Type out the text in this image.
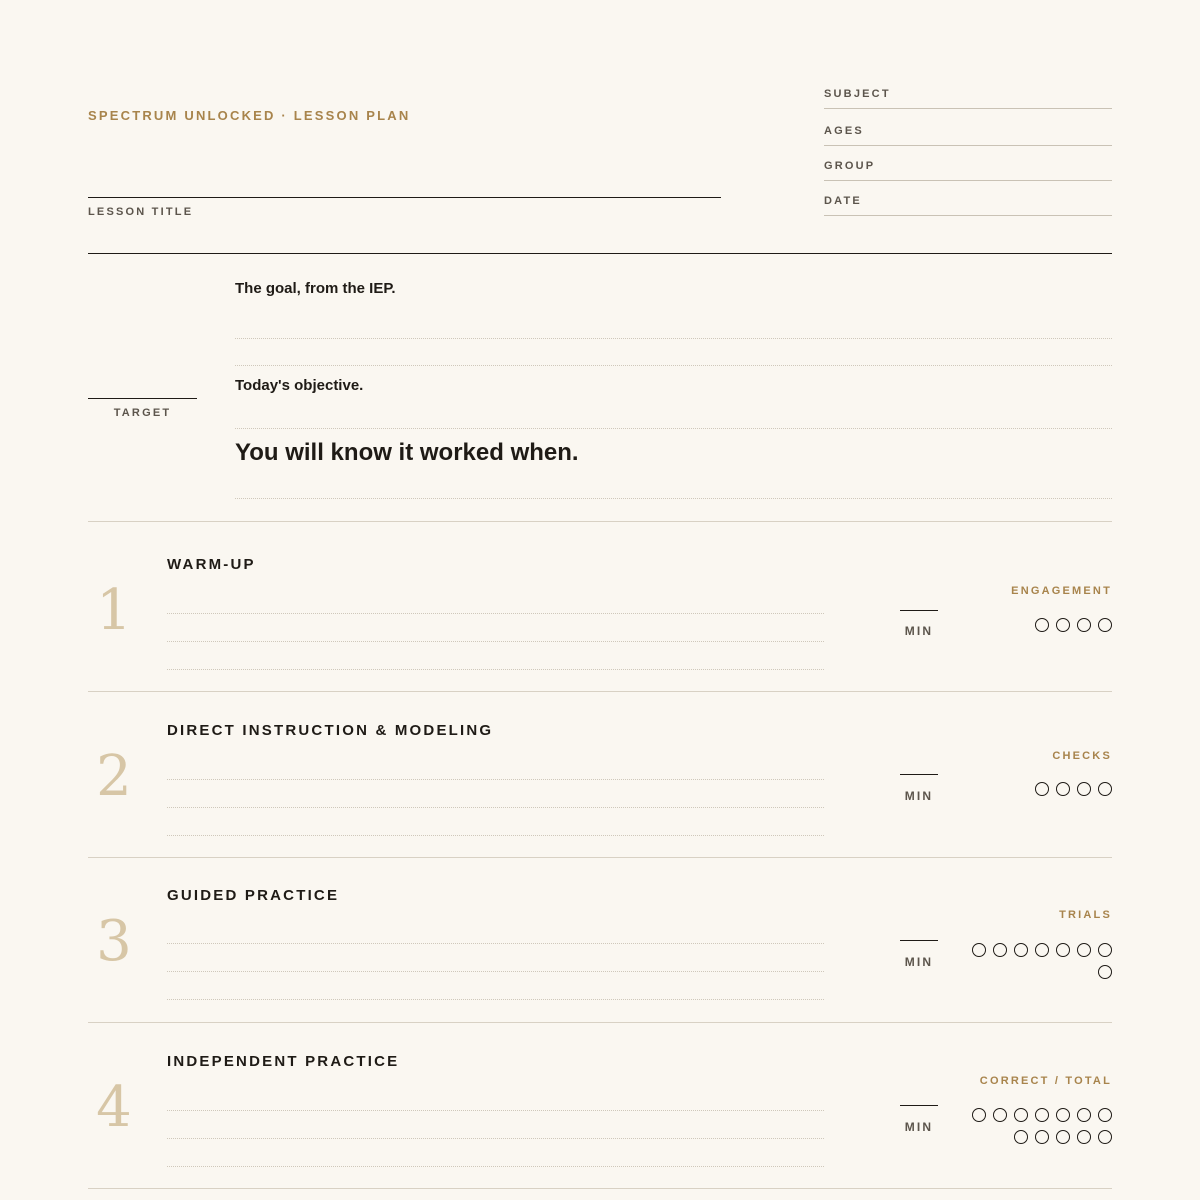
SPECTRUM UNLOCKED · LESSON PLAN
LESSON TITLE
SUBJECT
AGES
GROUP
DATE
TARGET
The goal, from the IEP.
Today's objective.
You will know it worked when.
1
WARM-UP
MIN
ENGAGEMENT
2
DIRECT INSTRUCTION & MODELING
MIN
CHECKS
3
GUIDED PRACTICE
MIN
TRIALS
4
INDEPENDENT PRACTICE
MIN
CORRECT / TOTAL
